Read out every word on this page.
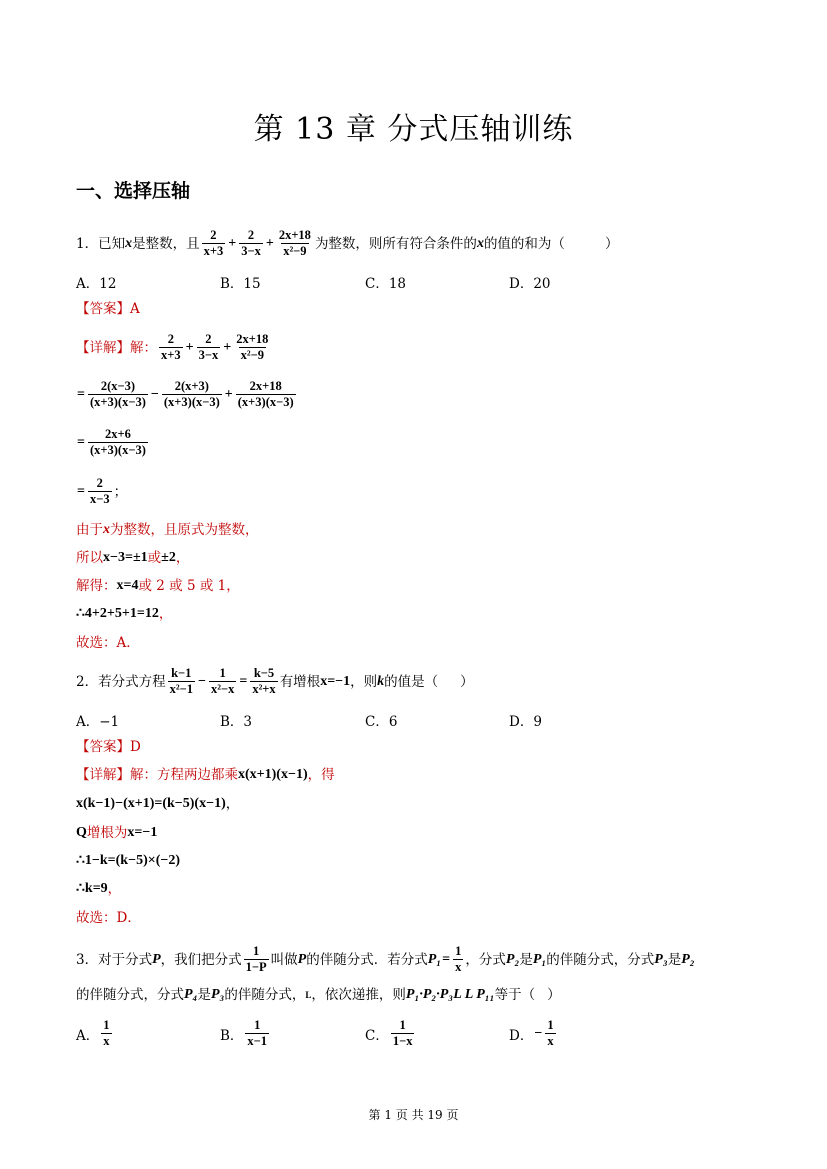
第 13 章 分式压轴训练
一、选择压轴
1．已知 x 是整数，且 $\frac{2}{x+3} + \frac{2}{3-x} + \frac{2x+18}{\text{x²−9}}$ 为整数，则所有符合条件的 x 的值的和为（	）
A．12	B．15	C．18	D．20
【答案】 A
【详解】 解： $\frac{2}{x+3} + \frac{2}{3-x} + \frac{2x+18}{\text{x²−9}}$
= $\frac{2(x-3)}{(x+3)(x-3)} - \frac{2(x+3)}{(x+3)(x-3)} + \frac{2x+18}{(x+3)(x-3)}$
= $\frac{2x+6}{(x+3)(x-3)}$
= $\frac{2}{x-3}$ ；
由于 x 为整数，且原式为整数，
所以 x−3=±1 或 ±2 ，
解得： x=4 或 2 或 5 或 1，
∴4+2+5+1=12 ，
故选：A．
2．若分式方程 $\frac{k-1}{\text{x²−1}} - \frac{1}{\text{x²−x}} = \frac{k-5}{\text{x²+x}}$ 有增根 x=−1 ，则 k 的值是（ ）
A．−1	B．3	C．6	D．9
【答案】 D
【详解】 解：方程两边都乘 x(x+1)(x−1) ，得
x(k−1)−(x+1)=(k−5)(x−1) ，
Q 增根为 x=−1
∴1−k=(k−5)×(−2)
∴k=9 ，
故选：D．
3．对于分式 P ，我们把分式 $\frac{1}{1-P}$ 叫做 P 的伴随分式．若分式 $P_1 = \frac{1}{x}$ ，分式 P₂ 是 P₁ 的伴随分式，分式 P₃ 是 P₂
的伴随分式，分式 P₄ 是 P₃ 的伴随分式， L ，依次递推，则 P₁·P₂·P₃L L P₁₁ 等于（ ）
A． $\frac{1}{x}$	B． $\frac{1}{x-1}$	C． $\frac{1}{1-x}$	D． − $\frac{1}{x}$
第 1 页 共 19 页
